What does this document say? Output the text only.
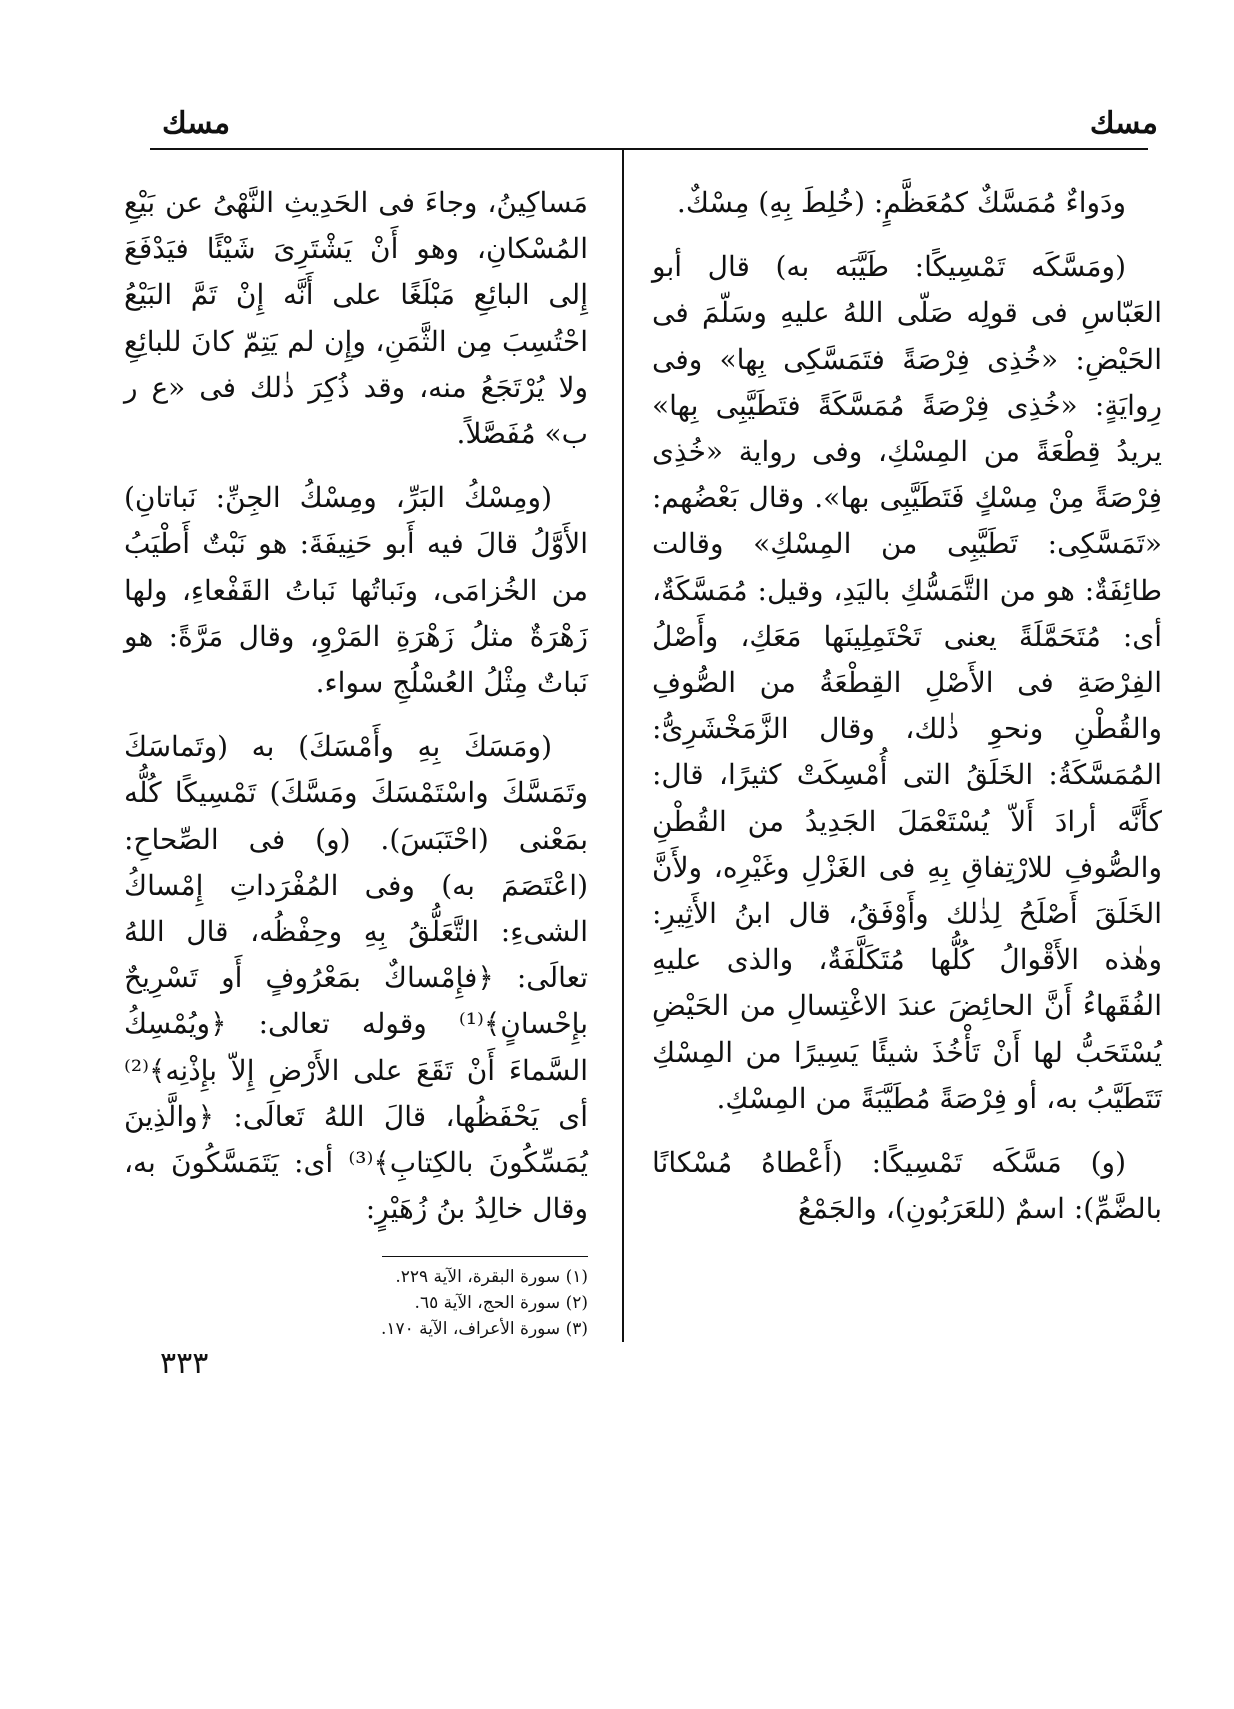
مسك
مسك

ودَواءٌ مُمَسَّكٌ كمُعَظَّمٍ: (خُلِطَ بِهِ) مِسْكٌ.

(ومَسَّكَه تَمْسِيكًا: طَيَّبَه به) قال أبو العَبّاسِ فى قولِه صَلّى اللهُ عليهِ وسَلّمَ فى الحَيْضِ: «خُذِى فِرْصَةً فتَمَسَّكِى بِها» وفى رِوايَةٍ: «خُذِى فِرْصَةً مُمَسَّكَةً فتَطَيَّبِى بِها» يريدُ قِطْعَةً من المِسْكِ، وفى رواية «خُذِى فِرْصَةً مِنْ مِسْكٍ فَتَطَيَّبِى بها». وقال بَعْضُهم: «تَمَسَّكِى: تَطَيَّبِى من المِسْكِ» وقالت طائِفَةٌ: هو من التَّمَسُّكِ باليَدِ، وقيل: مُمَسَّكَةٌ، أى: مُتَحَمَّلَةً يعنى تَحْتَمِلِينَها مَعَكِ، وأَصْلُ الفِرْصَةِ فى الأَصْلِ القِطْعَةُ من الصُّوفِ والقُطْنِ ونحوِ ذٰلك، وقال الزَّمَخْشَرِىُّ: المُمَسَّكَةُ: الخَلَقُ التى أُمْسِكَتْ كثيرًا، قال: كأَنَّه أرادَ أَلاّ يُسْتَعْمَلَ الجَدِيدُ من القُطْنِ والصُّوفِ للارْتِفاقِ بِهِ فى الغَزْلِ وغَيْرِه، ولأَنَّ الخَلَقَ أَصْلَحُ لِذٰلك وأَوْفَقُ، قال ابنُ الأَثِيرِ: وهٰذه الأَقْوالُ كُلُّها مُتَكَلَّفَةٌ، والذى عليهِ الفُقَهاءُ أَنَّ الحائِضَ عندَ الاغْتِسالِ من الحَيْضِ يُسْتَحَبُّ لها أَنْ تَأْخُذَ شيئًا يَسِيرًا من المِسْكِ تَتَطَيَّبُ به، أو فِرْصَةً مُطَيَّبَةً من المِسْكِ.

(و) مَسَّكَه تَمْسِيكًا: (أَعْطاهُ مُسْكانًا بالضَّمِّ): اسمٌ (للعَرَبُونِ)، والجَمْعُ

مَساكِينُ، وجاءَ فى الحَدِيثِ النَّهْىُ عن بَيْعِ المُسْكانِ، وهو أَنْ يَشْتَرِىَ شَيْئًا فيَدْفَعَ إِلى البائِعِ مَبْلَغًا على أَنَّه إِنْ تَمَّ البَيْعُ احْتُسِبَ مِن الثَّمَنِ، وإِن لم يَتِمّ كانَ للبائِعِ ولا يُرْتَجَعُ منه، وقد ذُكِرَ ذٰلك فى «ع ر ب» مُفَصَّلاً.

(ومِسْكُ البَرِّ، ومِسْكُ الجِنِّ: نَباتانِ) الأَوَّلُ قالَ فيه أَبو حَنِيفَةَ: هو نَبْتٌ أَطْيَبُ من الخُزامَى، ونَباتُها نَباتُ القَفْعاءِ، ولها زَهْرَةٌ مثلُ زَهْرَةِ المَرْوِ، وقال مَرَّةً: هو نَباتٌ مِثْلُ العُسْلُجِ سواء.

(ومَسَكَ بِهِ وأَمْسَكَ) به (وتَماسَكَ وتَمَسَّكَ واسْتَمْسَكَ ومَسَّكَ) تَمْسِيكًا كُلُّه بمَعْنى (احْتَبَسَ). (و) فى الصِّحاحِ: (اعْتَصَمَ به) وفى المُفْرَداتِ إِمْساكُ الشىءِ: التَّعَلُّقُ بِهِ وحِفْظُه، قال اللهُ تعالَى: ﴿فإِمْساكٌ بمَعْرُوفٍ أَو تَسْرِيحٌ بإِحْسانٍ﴾⁽¹⁾ وقوله تعالى: ﴿ويُمْسِكُ السَّماءَ أَنْ تَقَعَ على الأَرْضِ إِلاّ بإِذْنِه﴾⁽²⁾ أى يَحْفَظُها، قالَ اللهُ تَعالَى: ﴿والَّذِينَ يُمَسِّكُونَ بالكِتابِ﴾⁽³⁾ أى: يَتَمَسَّكُونَ به، وقال خالِدُ بنُ زُهَيْرٍ:

(١) سورة البقرة، الآية ٢٢٩.
(٢) سورة الحج، الآية ٦٥.
(٣) سورة الأعراف، الآية ١٧٠.
٣٣٣
